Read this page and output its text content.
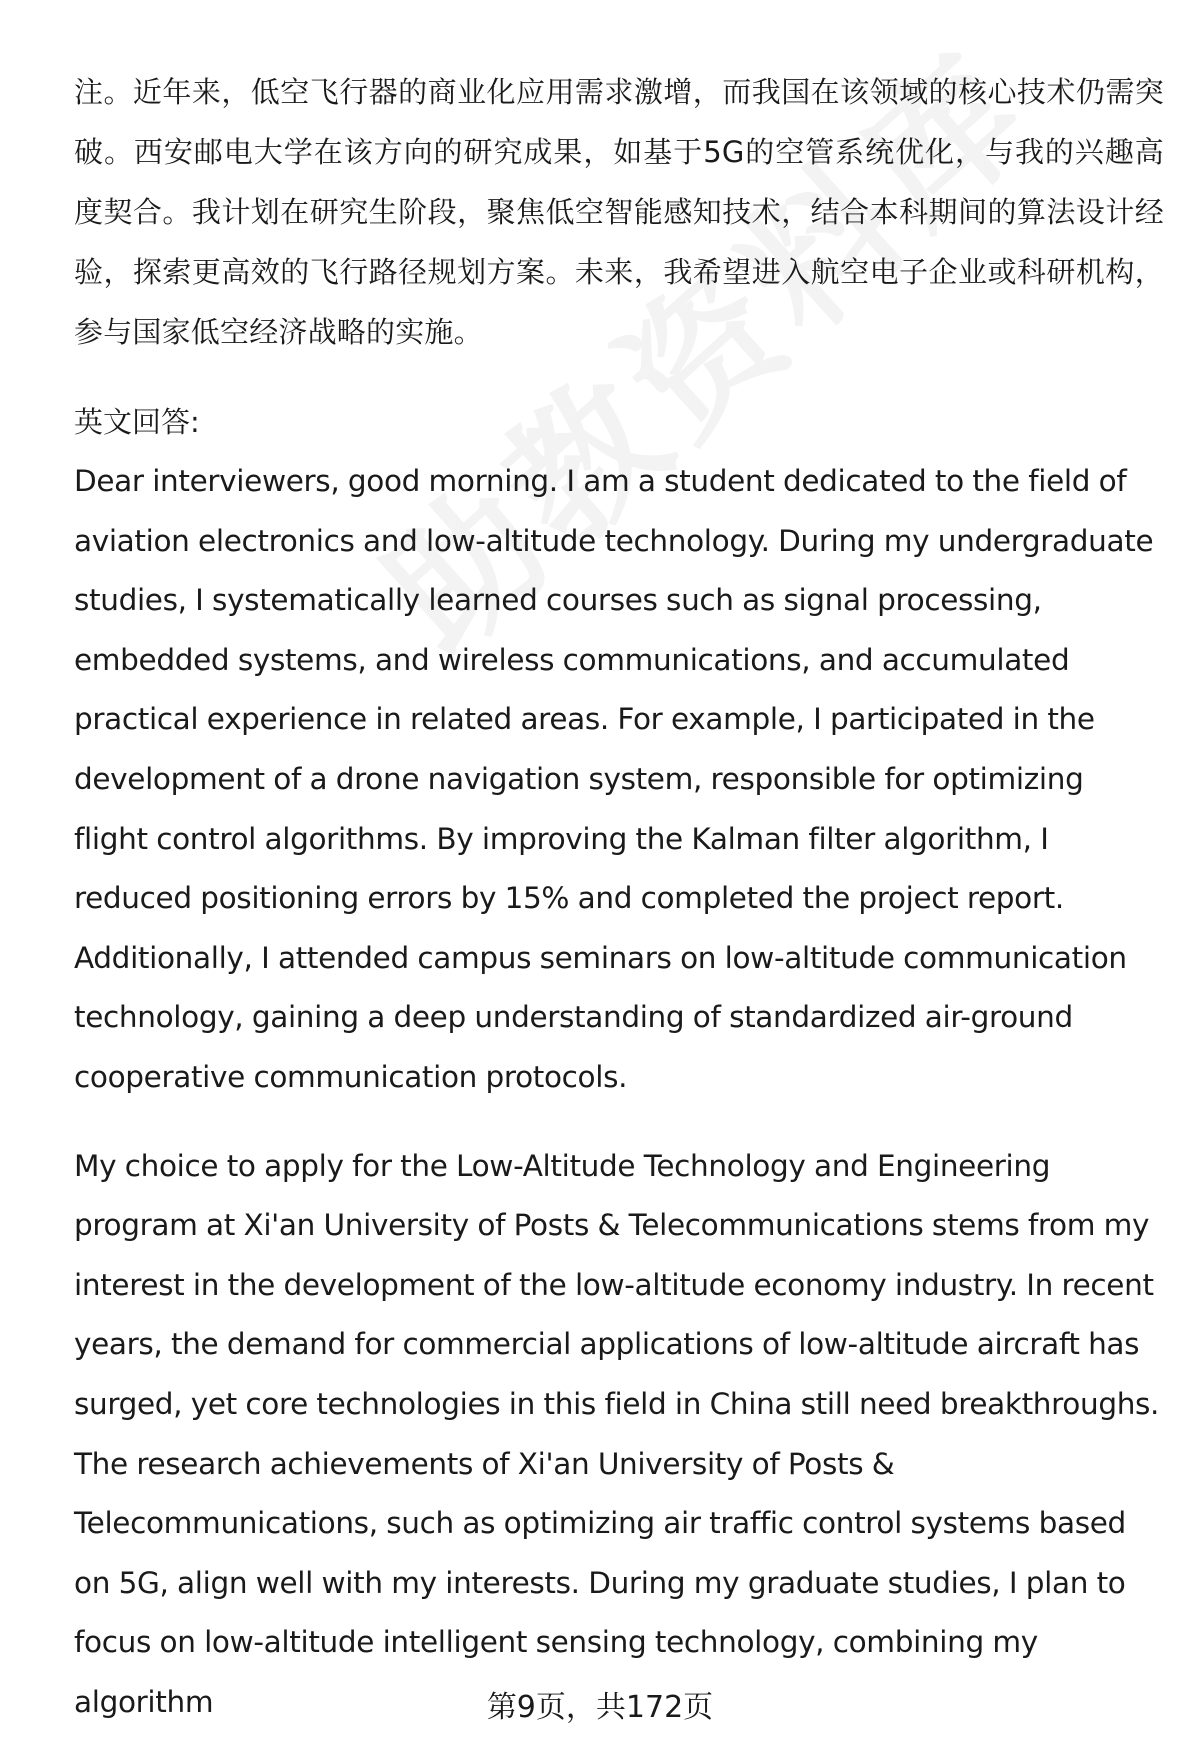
注。近年来，低空飞行器的商业化应用需求激增，而我国在该领域的核心技术仍需突破。西安邮电大学在该方向的研究成果，如基于5G的空管系统优化，与我的兴趣高度契合。我计划在研究生阶段，聚焦低空智能感知技术，结合本科期间的算法设计经验，探索更高效的飞行路径规划方案。未来，我希望进入航空电子企业或科研机构，参与国家低空经济战略的实施。

英文回答:

Dear interviewers, good morning. I am a student dedicated to the field of aviation electronics and low-altitude technology. During my undergraduate studies, I systematically learned courses such as signal processing, embedded systems, and wireless communications, and accumulated practical experience in related areas. For example, I participated in the development of a drone navigation system, responsible for optimizing flight control algorithms. By improving the Kalman filter algorithm, I reduced positioning errors by 15% and completed the project report. Additionally, I attended campus seminars on low-altitude communication technology, gaining a deep understanding of standardized air-ground cooperative communication protocols.

My choice to apply for the Low-Altitude Technology and Engineering program at Xi'an University of Posts & Telecommunications stems from my interest in the development of the low-altitude economy industry. In recent years, the demand for commercial applications of low-altitude aircraft has surged, yet core technologies in this field in China still need breakthroughs. The research achievements of Xi'an University of Posts & Telecommunications, such as optimizing air traffic control systems based on 5G, align well with my interests. During my graduate studies, I plan to focus on low-altitude intelligent sensing technology, combining my algorithm	第9页，共172页
